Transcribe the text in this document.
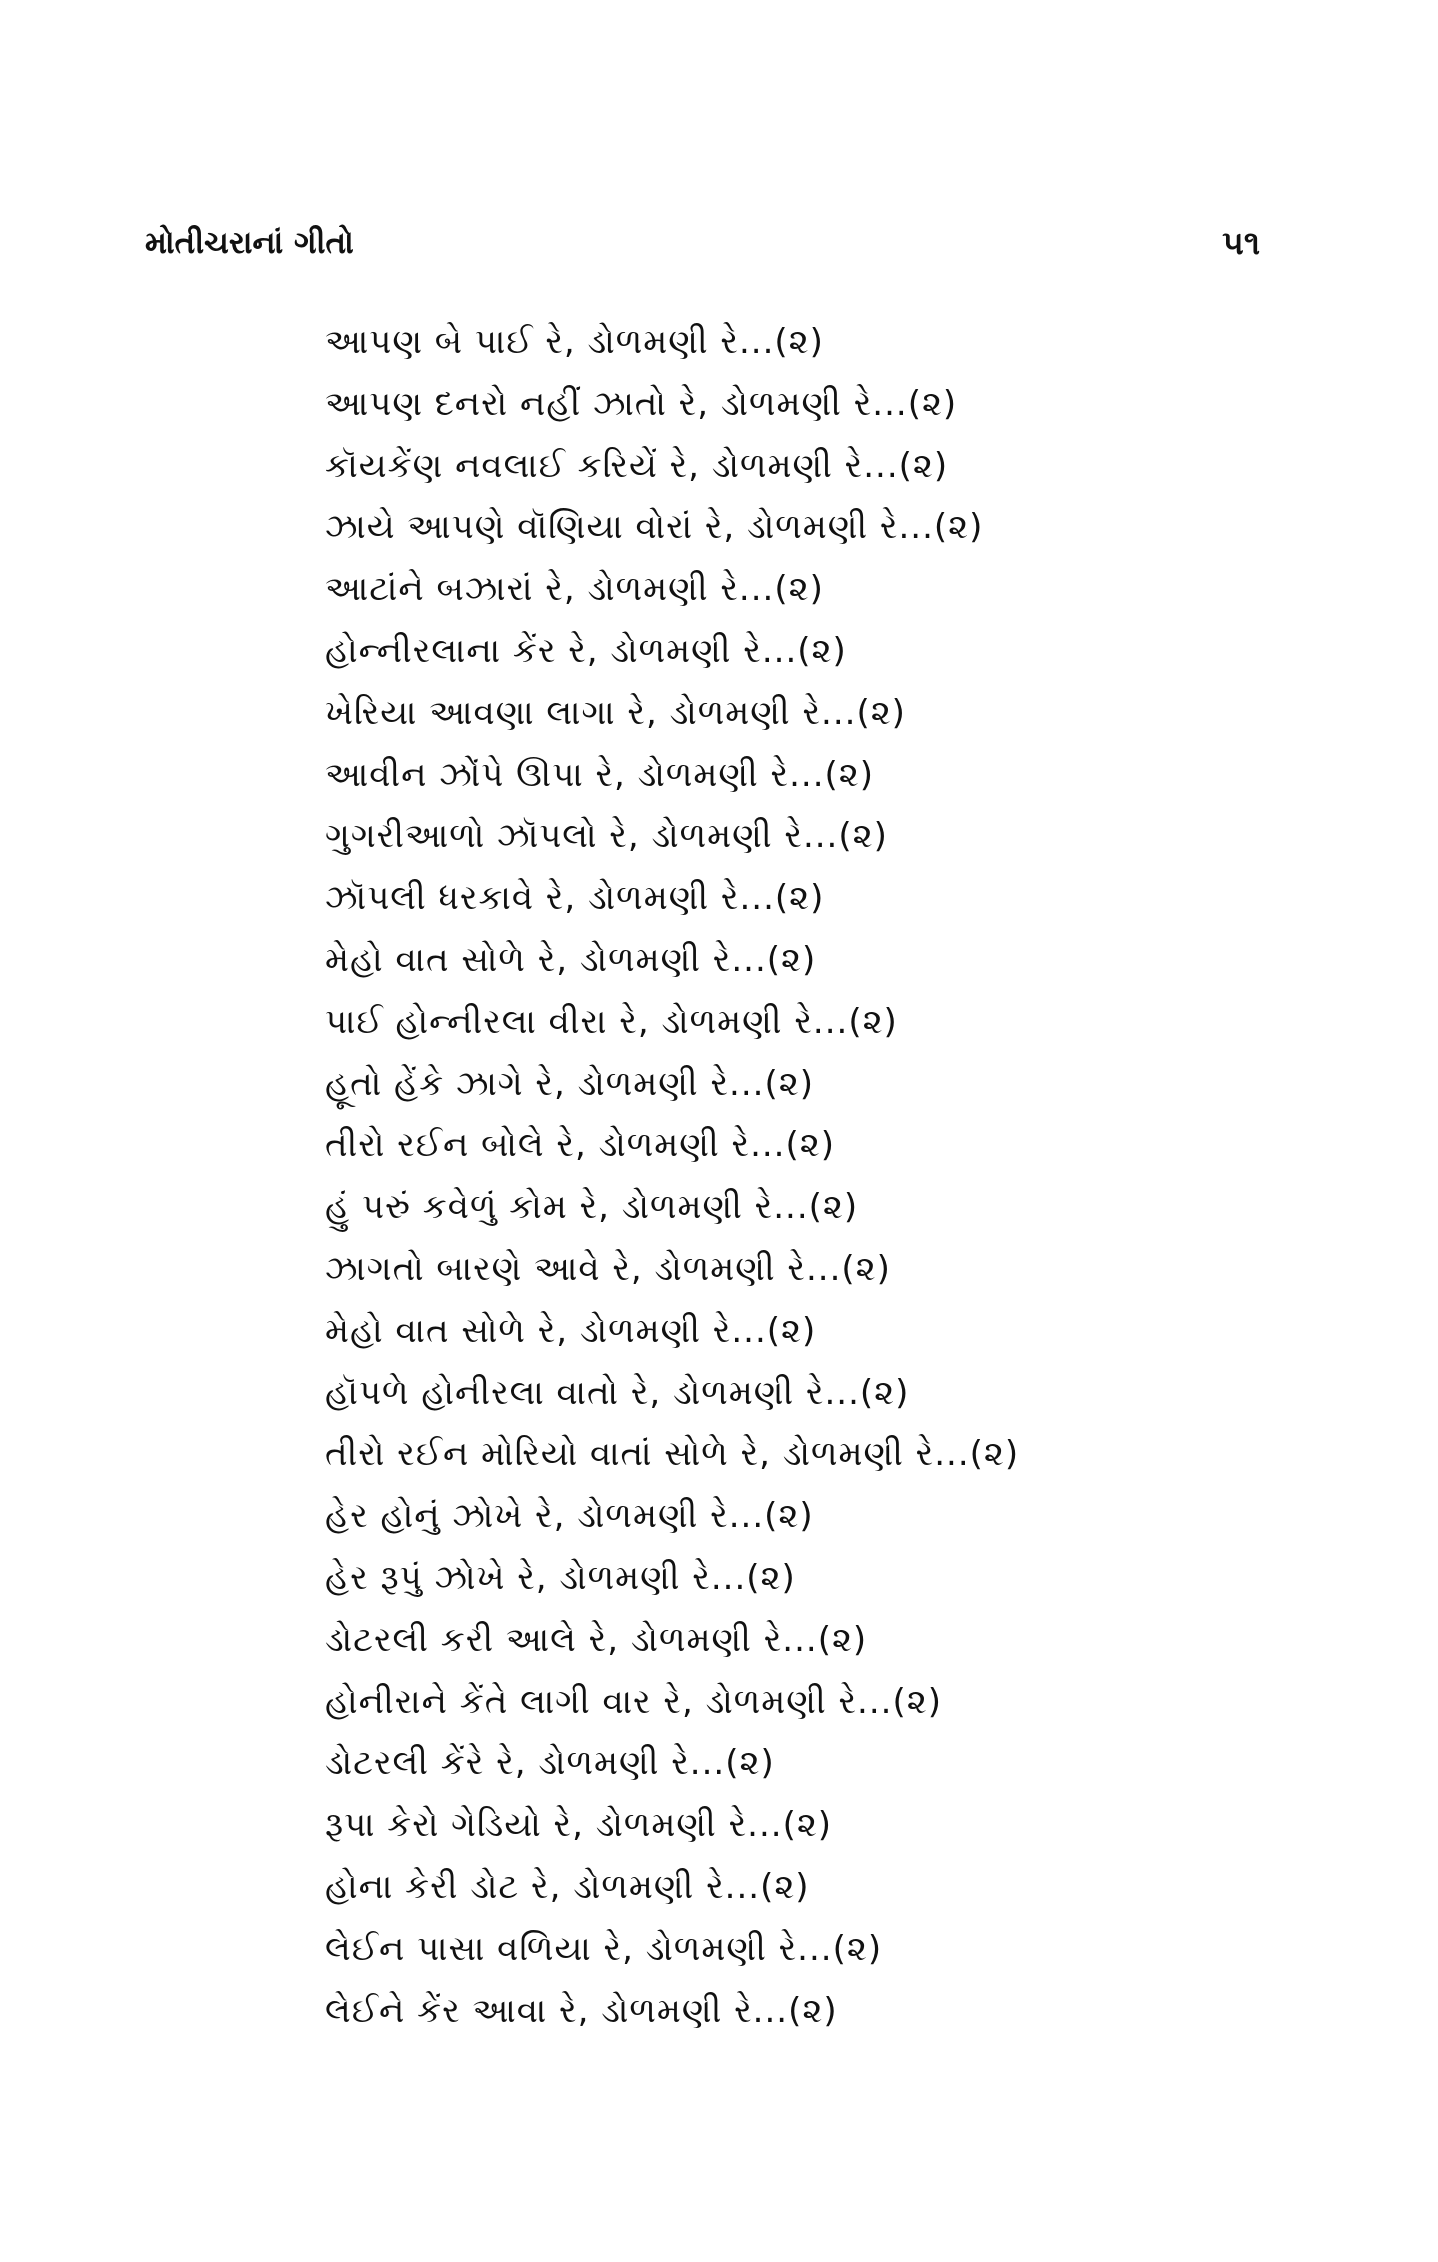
મોતીચરાનાં ગીતો	૫૧
આપણ બે પાઈ રે, ડોળમણી રે...(૨)
આપણ દનરો નહીં ઝાતો રે, ડોળમણી રે...(૨)
કૉયકેંણ નવલાઈ કરિયેં રે, ડોળમણી રે...(૨)
ઝાયે આપણે વૉણિયા વોરાં રે, ડોળમણી રે...(૨)
આટાંને બઝારાં રે, ડોળમણી રે...(૨)
હોન્નીરલાના કેંર રે, ડોળમણી રે...(૨)
ખેરિયા આવણા લાગા રે, ડોળમણી રે...(૨)
આવીન ઝોંપે ઊપા રે, ડોળમણી રે...(૨)
ગુગરીઆળો ઝૉપલો રે, ડોળમણી રે...(૨)
ઝૉપલી ધરકાવે રે, ડોળમણી રે...(૨)
મેહો વાત સોળે રે, ડોળમણી રે...(૨)
પાઈ હોન્નીરલા વીરા રે, ડોળમણી રે...(૨)
હૂતો હેંકે ઝાગે રે, ડોળમણી રે...(૨)
તીરો રઈન બોલે રે, ડોળમણી રે...(૨)
હું પરું કવેળું કોમ રે, ડોળમણી રે...(૨)
ઝાગતો બારણે આવે રે, ડોળમણી રે...(૨)
મેહો વાત સોળે રે, ડોળમણી રે...(૨)
હૉપળે હોનીરલા વાતો રે, ડોળમણી રે...(૨)
તીરો રઈન મોરિયો વાતાં સોળે રે, ડોળમણી રે...(૨)
હેર હોનું ઝોખે રે, ડોળમણી રે...(૨)
હેર રૂપું ઝોખે રે, ડોળમણી રે...(૨)
ડોટરલી કરી આલે રે, ડોળમણી રે...(૨)
હોનીરાને કેંતે લાગી વાર રે, ડોળમણી રે...(૨)
ડોટરલી કેંરે રે, ડોળમણી રે...(૨)
રૂપા કેરો ગેડિયો રે, ડોળમણી રે...(૨)
હોના કેરી ડોટ રે, ડોળમણી રે...(૨)
લેઈન પાસા વળિયા રે, ડોળમણી રે...(૨)
લેઈને કેંર આવા રે, ડોળમણી રે...(૨)
